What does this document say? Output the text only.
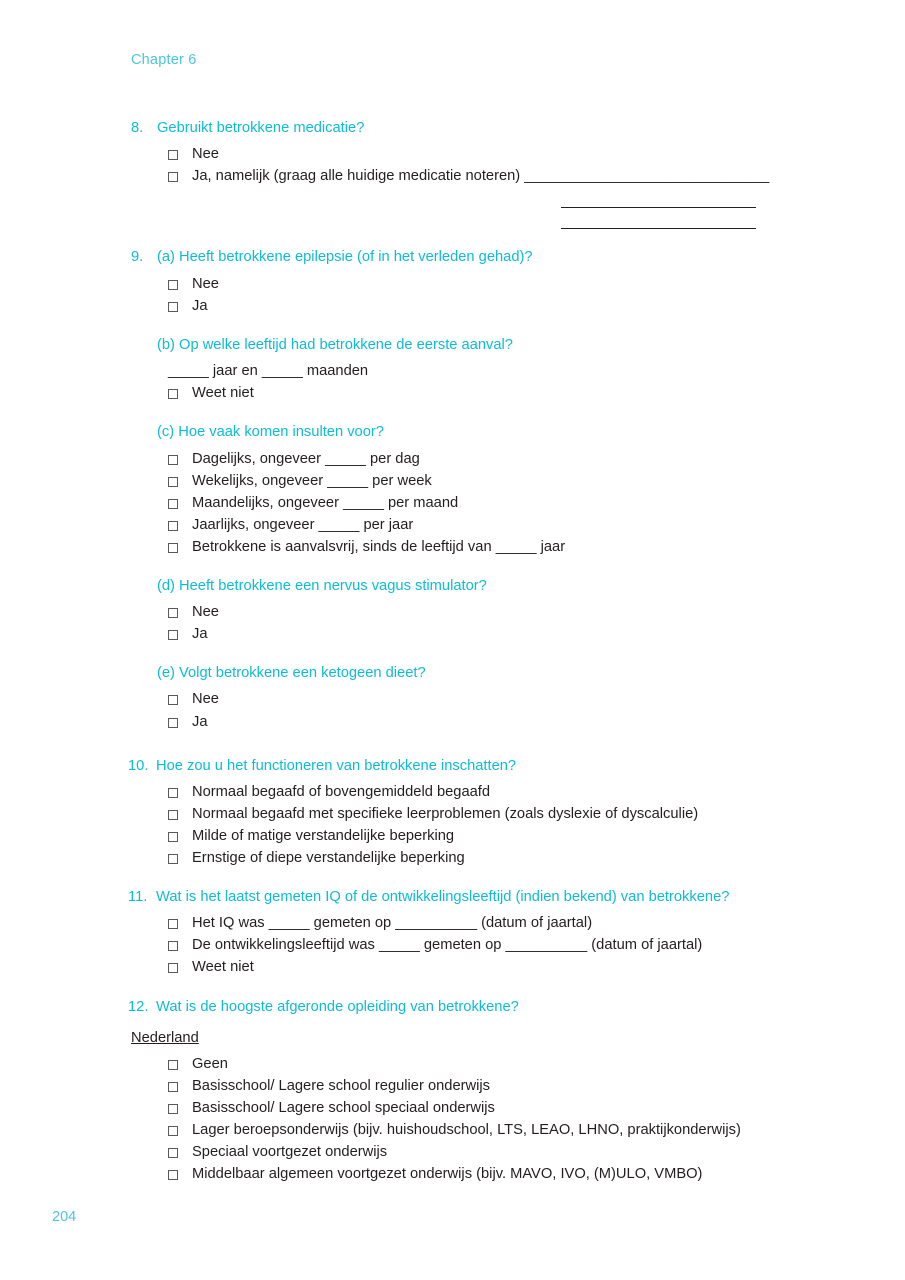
Chapter 6
8. Gebruikt betrokkene medicatie?
Nee
Ja, namelijk (graag alle huidige medicatie noteren) ______________________________
9. (a) Heeft betrokkene epilepsie (of in het verleden gehad)?
Nee
Ja
(b) Op welke leeftijd had betrokkene de eerste aanval?
_____ jaar en _____ maanden
Weet niet
(c) Hoe vaak komen insulten voor?
Dagelijks, ongeveer _____ per dag
Wekelijks, ongeveer _____ per week
Maandelijks, ongeveer _____ per maand
Jaarlijks, ongeveer _____ per jaar
Betrokkene is aanvalsvrij, sinds de leeftijd van _____ jaar
(d) Heeft betrokkene een nervus vagus stimulator?
Nee
Ja
(e) Volgt betrokkene een ketogeen dieet?
Nee
Ja
10. Hoe zou u het functioneren van betrokkene inschatten?
Normaal begaafd of bovengemiddeld begaafd
Normaal begaafd met specifieke leerproblemen (zoals dyslexie of dyscalculie)
Milde of matige verstandelijke beperking
Ernstige of diepe verstandelijke beperking
11. Wat is het laatst gemeten IQ of de ontwikkelingsleeftijd (indien bekend) van betrokkene?
Het IQ was _____ gemeten op __________ (datum of jaartal)
De ontwikkelingsleeftijd was _____ gemeten op __________ (datum of jaartal)
Weet niet
12. Wat is de hoogste afgeronde opleiding van betrokkene?
Nederland
Geen
Basisschool/ Lagere school regulier onderwijs
Basisschool/ Lagere school speciaal onderwijs
Lager beroepsonderwijs (bijv. huishoudschool, LTS, LEAO, LHNO, praktijkonderwijs)
Speciaal voortgezet onderwijs
Middelbaar algemeen voortgezet onderwijs (bijv. MAVO, IVO, (M)ULO, VMBO)
204
